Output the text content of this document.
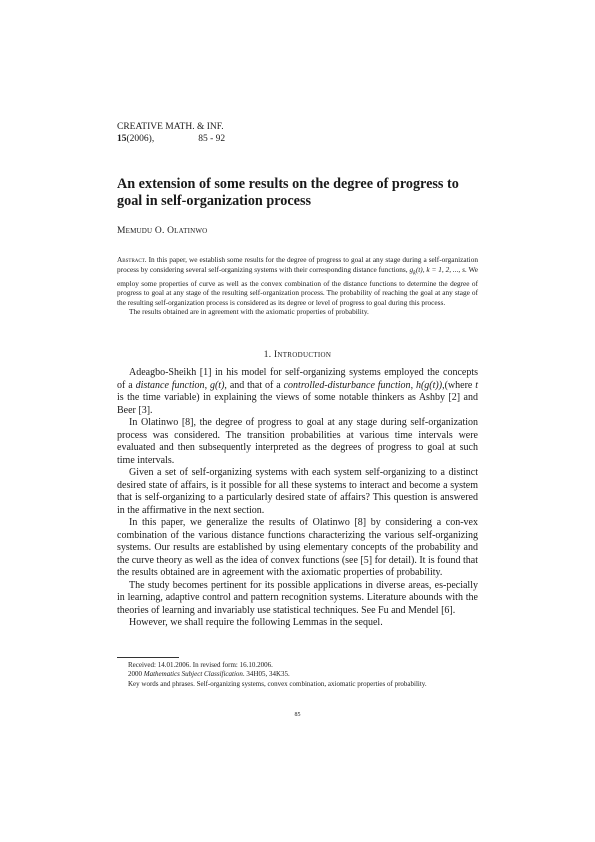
CREATIVE MATH. & INF.
15 (2006),	85 - 92
An extension of some results on the degree of progress to goal in self-organization process
Memudu O. Olatinwo

Abstract. In this paper, we establish some results for the degree of progress to goal at any stage during a self-organization process by considering several self-organizing systems with their corresponding distance functions, $g_k(t)$, k = 1, 2, ..., s. We employ some properties of curve as well as the convex combination of the distance functions to determine the degree of progress to goal at any stage of the resulting self-organization process. The probability of reaching the goal at any stage of the resulting self-organization process is considered as its degree or level of progress to goal during this process.

The results obtained are in agreement with the axiomatic properties of probability.

1. Introduction

Adeagbo-Sheikh [1] in his model for self-organizing systems employed the concepts of a distance function, g(t), and that of a controlled-disturbance function, h(g(t)),(where t is the time variable) in explaining the views of some notable thinkers as Ashby [2] and Beer [3].

In Olatinwo [8], the degree of progress to goal at any stage during self-organization process was considered. The transition probabilities at various time intervals were evaluated and then subsequently interpreted as the degrees of progress to goal at such time intervals.

Given a set of self-organizing systems with each system self-organizing to a distinct desired state of affairs, is it possible for all these systems to interact and become a system that is self-organizing to a particularly desired state of affairs? This question is answered in the affirmative in the next section.

In this paper, we generalize the results of Olatinwo [8] by considering a con-vex combination of the various distance functions characterizing the various self-organizing systems. Our results are established by using elementary concepts of the probability and the curve theory as well as the idea of convex functions (see [5] for detail). It is found that the results obtained are in agreement with the axiomatic properties of probability.

The study becomes pertinent for its possible applications in diverse areas, es-pecially in learning, adaptive control and pattern recognition systems. Literature abounds with the theories of learning and invariably use statistical techniques. See Fu and Mendel [6].

However, we shall require the following Lemmas in the sequel.

Received: 14.01.2006. In revised form: 16.10.2006.

2000 Mathematics Subject Classification. 34H05, 34K35.

Key words and phrases. Self-organizing systems, convex combination, axiomatic properties of probability.

85
